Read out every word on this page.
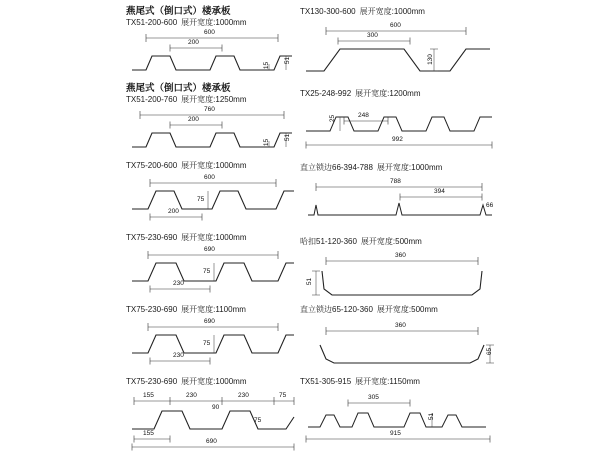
燕尾式（倒口式）楼承板
TX51-200-600 展开宽度:1000mm
600
200
51
15
燕尾式（倒口式）楼承板
TX51-200-760 展开宽度:1250mm
760
200
51
15
TX75-200-600 展开宽度:1000mm
600
200
75
TX75-230-690 展开宽度:1000mm
690
230
75
TX75-230-690 展开宽度:1100mm
690
230
75
TX75-230-690 展开宽度:1000mm
155	230	230	75
90
155
75
690
TX130-300-600 展开宽度:1000mm
600
300
130
TX25-248-992 展开宽度:1200mm
248
992
25
直立锁边66-394-788 展开宽度:1000mm
788
394
66
哈扣51-120-360 展开宽度:500mm
360
51
直立锁边65-120-360 展开宽度:500mm
360
65
TX51-305-915 展开宽度:1150mm
305
915
51
